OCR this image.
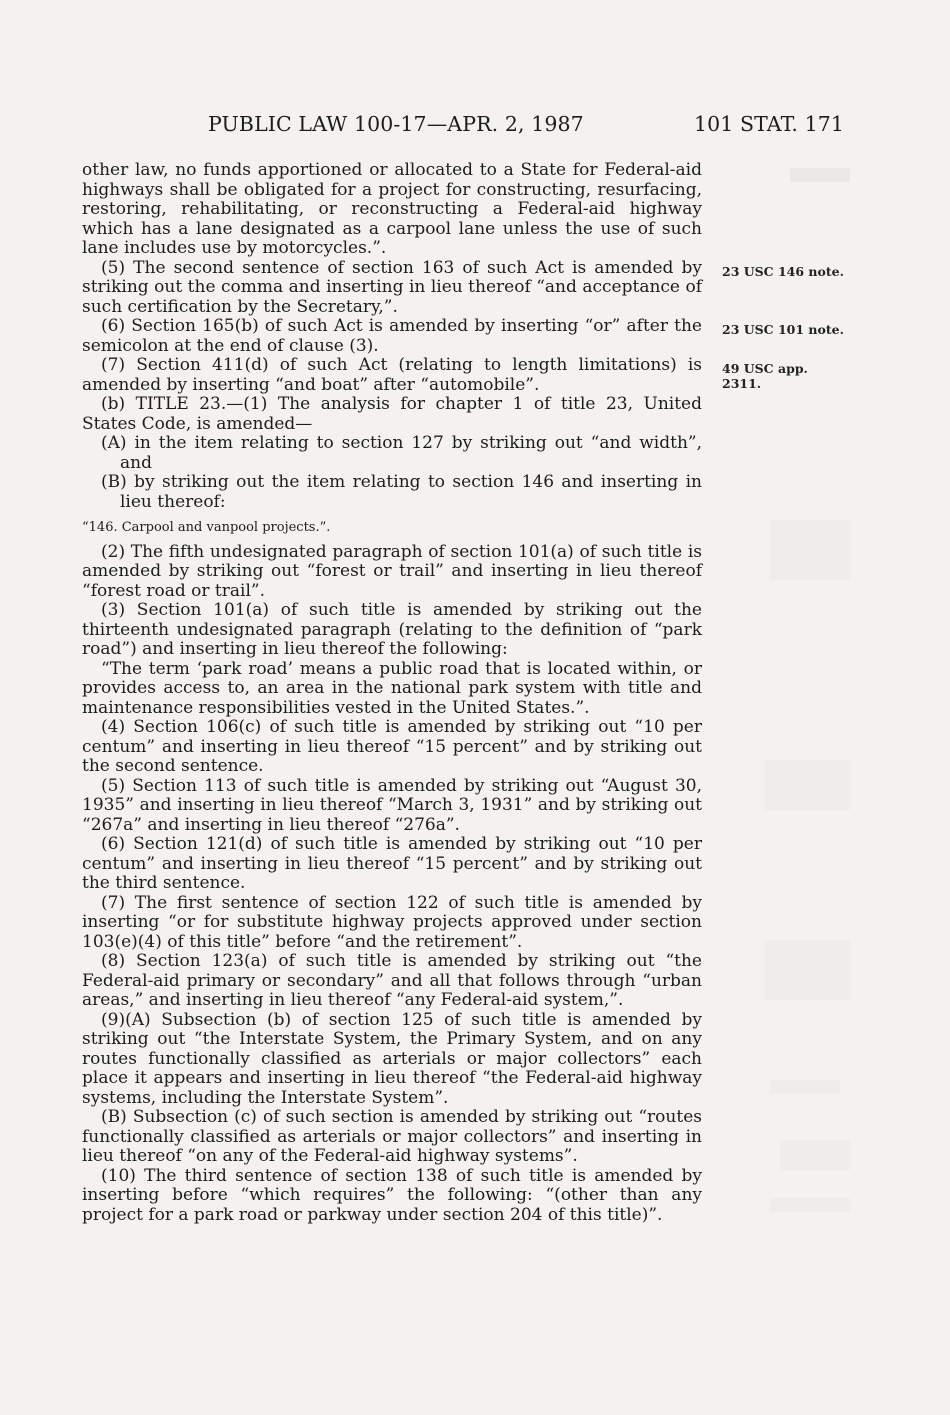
PUBLIC LAW 100-17—APR. 2, 1987	101 STAT. 171

other law, no funds apportioned or allocated to a State for Federal-aid highways shall be obligated for a project for constructing, resurfacing, restoring, rehabilitating, or reconstructing a Federal-aid highway which has a lane designated as a carpool lane unless the use of such lane includes use by motorcycles.”.

(5) The second sentence of section 163 of such Act is amended by striking out the comma and inserting in lieu thereof “and acceptance of such certification by the Secretary,”.

(6) Section 165(b) of such Act is amended by inserting “or” after the semicolon at the end of clause (3).

(7) Section 411(d) of such Act (relating to length limitations) is amended by inserting “and boat” after “automobile”.

(b) TITLE 23.—(1) The analysis for chapter 1 of title 23, United States Code, is amended—

(A) in the item relating to section 127 by striking out “and width”, and

(B) by striking out the item relating to section 146 and inserting in lieu thereof:

“146. Carpool and vanpool projects.”.

(2) The fifth undesignated paragraph of section 101(a) of such title is amended by striking out “forest or trail” and inserting in lieu thereof “forest road or trail”.

(3) Section 101(a) of such title is amended by striking out the thirteenth undesignated paragraph (relating to the definition of “park road”) and inserting in lieu thereof the following:

“The term ‘park road’ means a public road that is located within, or provides access to, an area in the national park system with title and maintenance responsibilities vested in the United States.”.

(4) Section 106(c) of such title is amended by striking out “10 per centum” and inserting in lieu thereof “15 percent” and by striking out the second sentence.

(5) Section 113 of such title is amended by striking out “August 30, 1935” and inserting in lieu thereof “March 3, 1931” and by striking out “267a” and inserting in lieu thereof “276a”.

(6) Section 121(d) of such title is amended by striking out “10 per centum” and inserting in lieu thereof “15 percent” and by striking out the third sentence.

(7) The first sentence of section 122 of such title is amended by inserting “or for substitute highway projects approved under section 103(e)(4) of this title” before “and the retirement”.

(8) Section 123(a) of such title is amended by striking out “the Federal-aid primary or secondary” and all that follows through “urban areas,” and inserting in lieu thereof “any Federal-aid system,”.

(9)(A) Subsection (b) of section 125 of such title is amended by striking out “the Interstate System, the Primary System, and on any routes functionally classified as arterials or major collectors” each place it appears and inserting in lieu thereof “the Federal-aid highway systems, including the Interstate System”.

(B) Subsection (c) of such section is amended by striking out “routes functionally classified as arterials or major collectors” and inserting in lieu thereof “on any of the Federal-aid highway systems”.

(10) The third sentence of section 138 of such title is amended by inserting before “which requires” the following: “(other than any project for a park road or parkway under section 204 of this title)”.

23 USC 146 note.
23 USC 101 note.
49 USC app.
2311.
